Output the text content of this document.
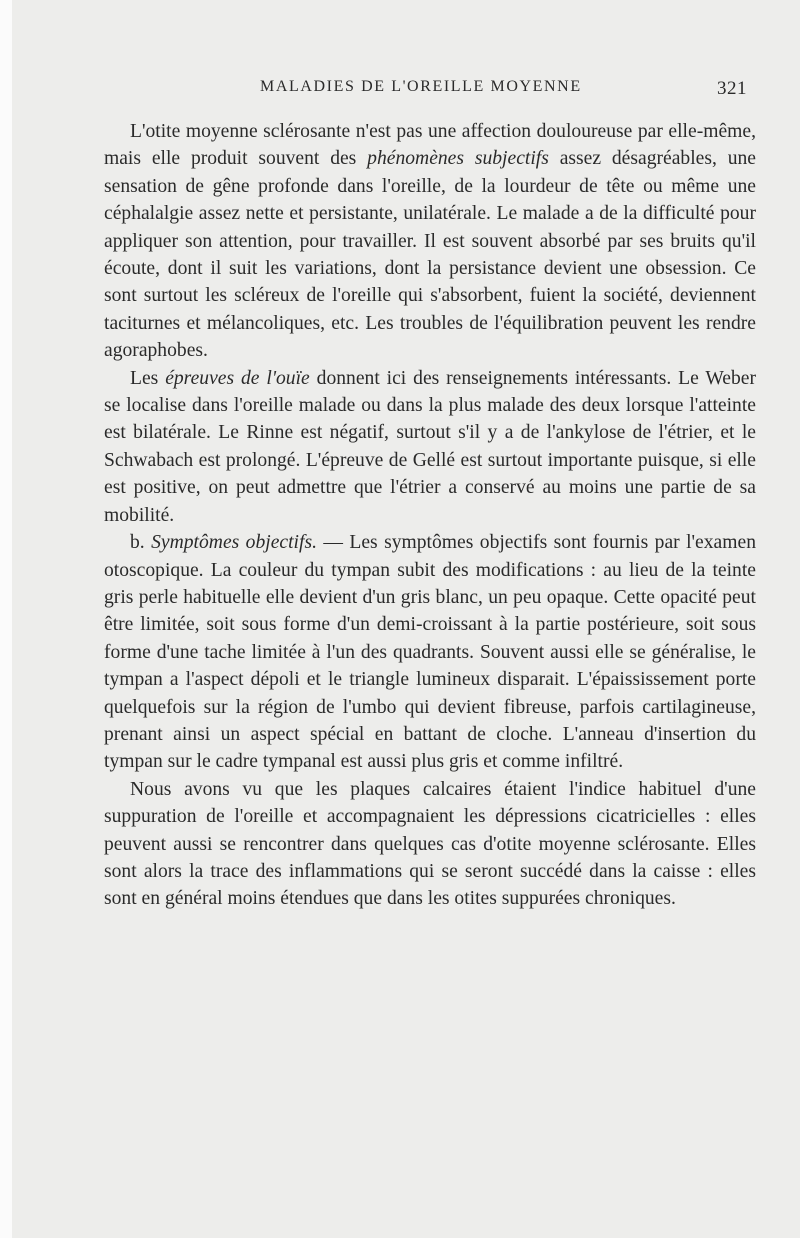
MALADIES DE L'OREILLE MOYENNE	321

L'otite moyenne sclérosante n'est pas une affection douloureuse par elle-même, mais elle produit souvent des phénomènes subjectifs assez désagréables, une sensation de gêne profonde dans l'oreille, de la lourdeur de tête ou même une céphalalgie assez nette et persistante, unilatérale. Le malade a de la difficulté pour appliquer son attention, pour travailler. Il est souvent absorbé par ses bruits qu'il écoute, dont il suit les variations, dont la persistance devient une obsession. Ce sont surtout les scléreux de l'oreille qui s'absorbent, fuient la société, deviennent taciturnes et mélancoliques, etc. Les troubles de l'équilibration peuvent les rendre agoraphobes.

Les épreuves de l'ouïe donnent ici des renseignements intéressants. Le Weber se localise dans l'oreille malade ou dans la plus malade des deux lorsque l'atteinte est bilatérale. Le Rinne est négatif, surtout s'il y a de l'ankylose de l'étrier, et le Schwabach est prolongé. L'épreuve de Gellé est surtout importante puisque, si elle est positive, on peut admettre que l'étrier a conservé au moins une partie de sa mobilité.

b. Symptômes objectifs. — Les symptômes objectifs sont fournis par l'examen otoscopique. La couleur du tympan subit des modifications : au lieu de la teinte gris perle habituelle elle devient d'un gris blanc, un peu opaque. Cette opacité peut être limitée, soit sous forme d'un demi-croissant à la partie postérieure, soit sous forme d'une tache limitée à l'un des quadrants. Souvent aussi elle se généralise, le tympan a l'aspect dépoli et le triangle lumineux disparait. L'épaississement porte quelquefois sur la région de l'umbo qui devient fibreuse, parfois cartilagineuse, prenant ainsi un aspect spécial en battant de cloche. L'anneau d'insertion du tympan sur le cadre tympanal est aussi plus gris et comme infiltré.

Nous avons vu que les plaques calcaires étaient l'indice habituel d'une suppuration de l'oreille et accompagnaient les dépressions cicatricielles : elles peuvent aussi se rencontrer dans quelques cas d'otite moyenne sclérosante. Elles sont alors la trace des inflammations qui se seront succédé dans la caisse : elles sont en général moins étendues que dans les otites suppurées chroniques.
